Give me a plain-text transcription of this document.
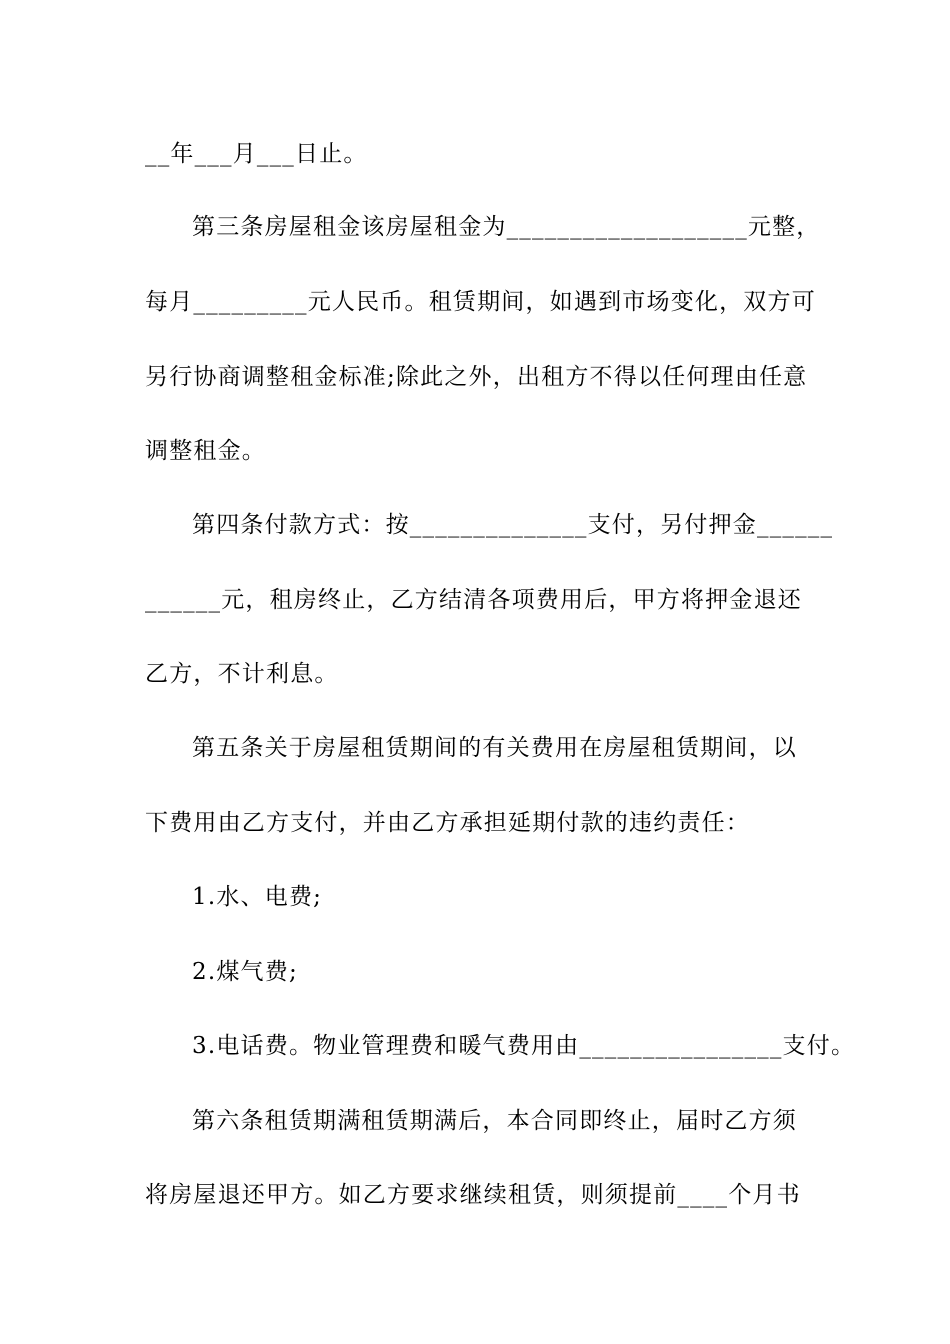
__年___月___日止。
第三条房屋租金该房屋租金为___________________元整，
每月_________元人民币。租赁期间，如遇到市场变化，双方可
另行协商调整租金标准;除此之外，出租方不得以任何理由任意
调整租金。
第四条付款方式：按______________支付，另付押金______
______元，租房终止，乙方结清各项费用后，甲方将押金退还
乙方，不计利息。
第五条关于房屋租赁期间的有关费用在房屋租赁期间，以
下费用由乙方支付，并由乙方承担延期付款的违约责任：
1.水、电费;
2.煤气费;
3.电话费。物业管理费和暖气费用由________________支付。
第六条租赁期满租赁期满后，本合同即终止，届时乙方须
将房屋退还甲方。如乙方要求继续租赁，则须提前____个月书
